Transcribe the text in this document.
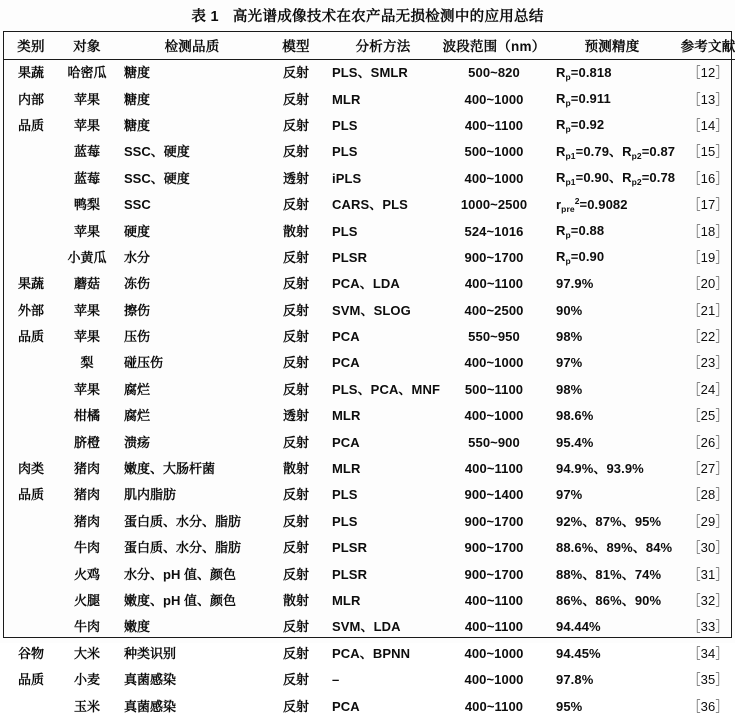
表 1 高光谱成像技术在农产品无损检测中的应用总结
类别	对象	检测品质	模型	分析方法	波段范围（nm）	预测精度	参考文献
果蔬	哈密瓜	糖度	反射	PLS、SMLR	500~820	$R_p=0.818$	［12］
内部	苹果	糖度	反射	MLR	400~1000	$R_p=0.911$	［13］
品质	苹果	糖度	反射	PLS	400~1100	$R_p=0.92$	［14］
	蓝莓	SSC、硬度	反射	PLS	500~1000	$R_{p1}=0.79$、$R_{p2}=0.87$	［15］
	蓝莓	SSC、硬度	透射	iPLS	400~1000	$R_{p1}=0.90$、$R_{p2}=0.78$	［16］
	鸭梨	SSC	反射	CARS、PLS	1000~2500	$r_{pre}^2=0.9082$	［17］
	苹果	硬度	散射	PLS	524~1016	$R_p=0.88$	［18］
	小黄瓜	水分	反射	PLSR	900~1700	$R_p=0.90$	［19］
果蔬	蘑菇	冻伤	反射	PCA、LDA	400~1100	97.9%	［20］
外部	苹果	擦伤	反射	SVM、SLOG	400~2500	90%	［21］
品质	苹果	压伤	反射	PCA	550~950	98%	［22］
	梨	碰压伤	反射	PCA	400~1000	97%	［23］
	苹果	腐烂	反射	PLS、PCA、MNF	500~1100	98%	［24］
	柑橘	腐烂	透射	MLR	400~1000	98.6%	［25］
	脐橙	溃疡	反射	PCA	550~900	95.4%	［26］
肉类	猪肉	嫩度、大肠杆菌	散射	MLR	400~1100	94.9%、93.9%	［27］
品质	猪肉	肌内脂肪	反射	PLS	900~1400	97%	［28］
	猪肉	蛋白质、水分、脂肪	反射	PLS	900~1700	92%、87%、95%	［29］
	牛肉	蛋白质、水分、脂肪	反射	PLSR	900~1700	88.6%、89%、84%	［30］
	火鸡	水分、pH 值、颜色	反射	PLSR	900~1700	88%、81%、74%	［31］
	火腿	嫩度、pH 值、颜色	散射	MLR	400~1100	86%、86%、90%	［32］
	牛肉	嫩度	反射	SVM、LDA	400~1100	94.44%	［33］
谷物	大米	种类识别	反射	PCA、BPNN	400~1000	94.45%	［34］
品质	小麦	真菌感染	反射	–	400~1000	97.8%	［35］
	玉米	真菌感染	反射	PCA	400~1100	95%	［36］
